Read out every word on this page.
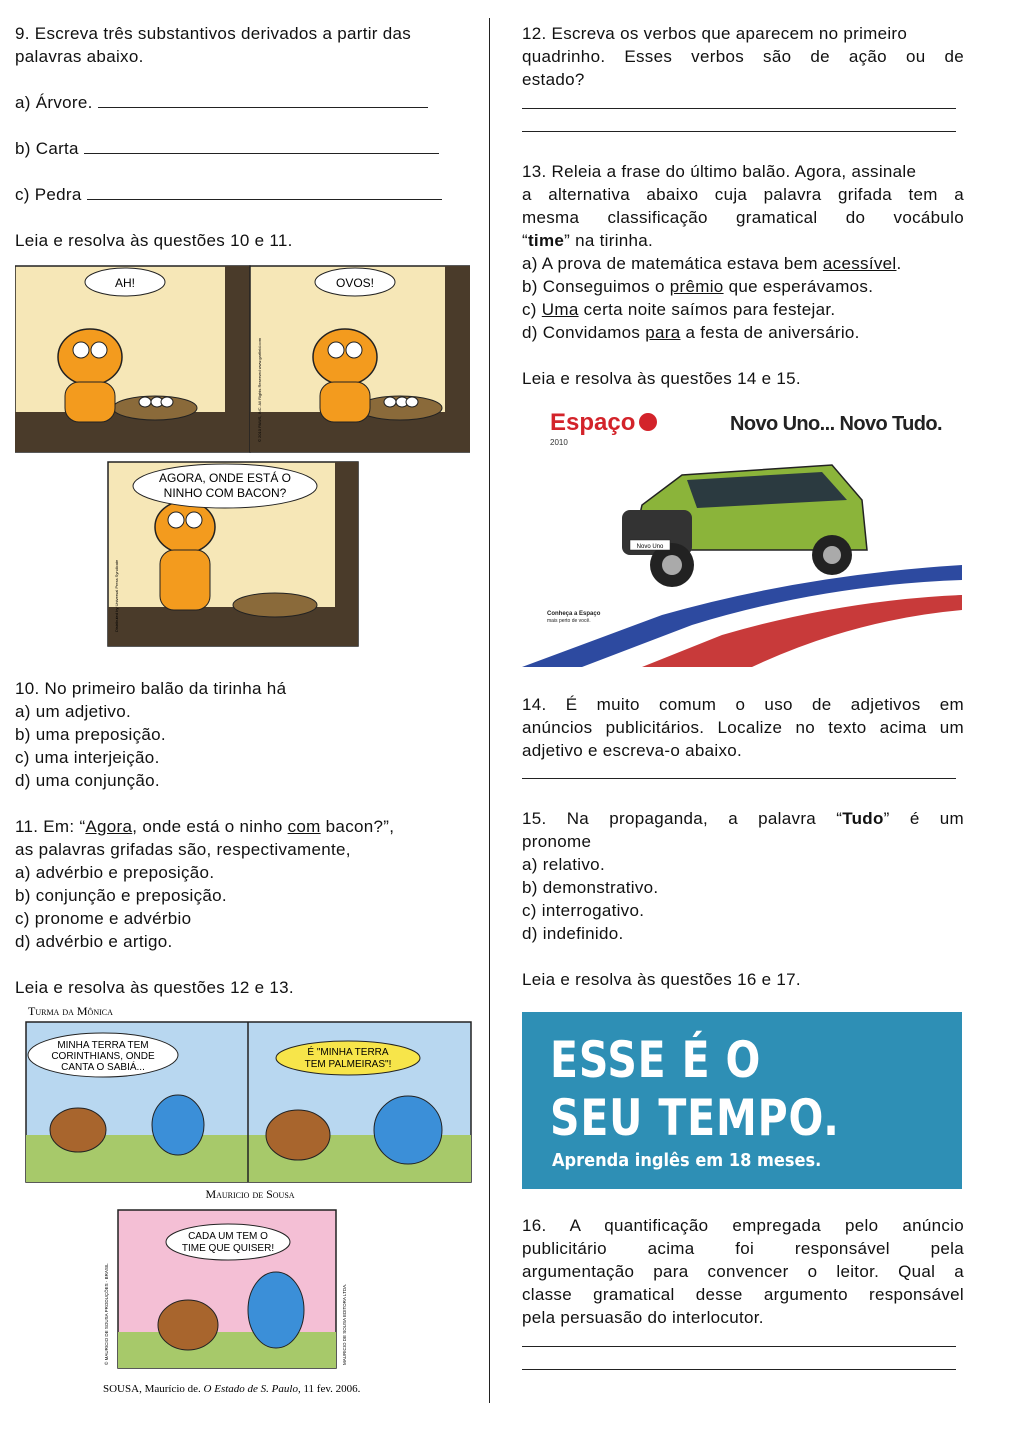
9. Escreva três substantivos derivados a partir das
palavras abaixo.
a) Árvore.
b) Carta
c) Pedra
Leia e resolva às questões 10 e 11.
AH!	OVOS!
© 2010 PAWS, INC. All Rights Reserved www.garfield.com
AGORA, ONDE ESTÁ O
NINHO COM BACON?
Distributed by Universal Press Syndicate
10. No primeiro balão da tirinha há
a) um adjetivo.
b) uma preposição.
c) uma interjeição.
d) uma conjunção.
11. Em: “Agora, onde está o ninho com bacon?”,
as palavras grifadas são, respectivamente,
a) advérbio e preposição.
b) conjunção e preposição.
c) pronome e advérbio
d) advérbio e artigo.
Leia e resolva às questões 12 e 13.
Turma da Mônica
MINHA TERRA TEM
CORINTHIANS, ONDE
CANTA O SABIÁ...
É "MINHA TERRA
TEM PALMEIRAS"!
Mauricio de Sousa
CADA UM TEM O
TIME QUE QUISER!
© MAURICIO DE SOUSA PRODUÇÕES · BRASIL	MAURICIO DE SOUSA EDITORA LTDA.
SOUSA, Maurício de. O Estado de S. Paulo, 11 fev. 2006.
12. Escreva os verbos que aparecem no primeiro
quadrinho. Esses verbos são de ação ou de
estado?
13. Releia a frase do último balão. Agora, assinale
a alternativa abaixo cuja palavra grifada tem a
mesma classificação gramatical do vocábulo
“time” na tirinha.
a) A prova de matemática estava bem acessível.
b) Conseguimos o prêmio que esperávamos.
c) Uma certa noite saímos para festejar.
d) Convidamos para a festa de aniversário.
Leia e resolva às questões 14 e 15.
Espaço
2010
Novo Uno... Novo Tudo.
Novo Uno
Conheça a Espaço
mais perto de você.
14. É muito comum o uso de adjetivos em
anúncios publicitários. Localize no texto acima um
adjetivo e escreva-o abaixo.
15. Na propaganda, a palavra “Tudo” é um
pronome
a) relativo.
b) demonstrativo.
c) interrogativo.
d) indefinido.
Leia e resolva às questões 16 e 17.
ESSE É O
SEU TEMPO.
Aprenda inglês em 18 meses.
16. A quantificação empregada pelo anúncio
publicitário acima foi responsável pela
argumentação para convencer o leitor. Qual a
classe gramatical desse argumento responsável
pela persuasão do interlocutor.
